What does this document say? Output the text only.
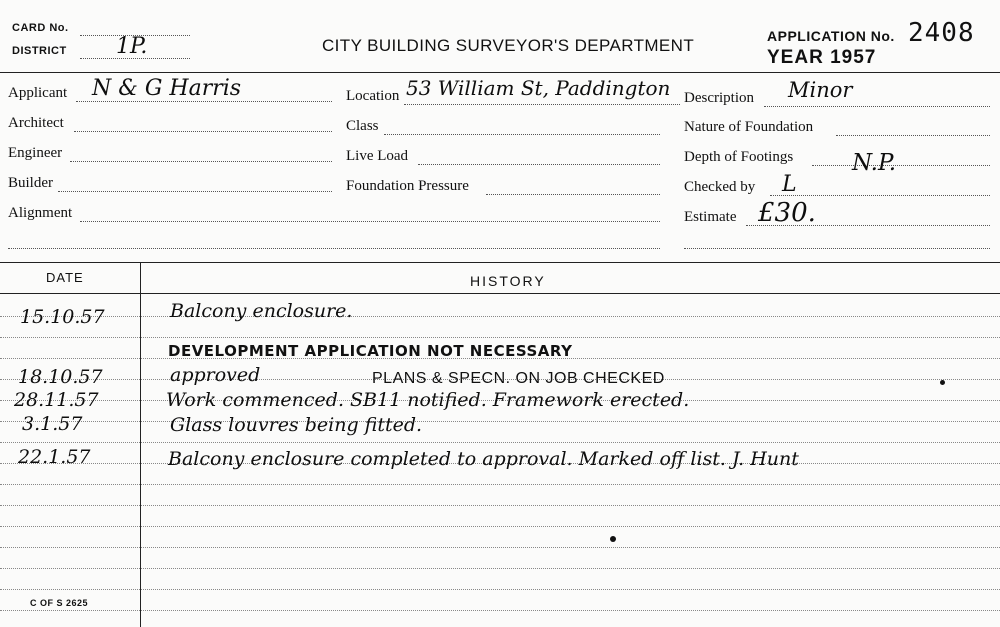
CARD No.
DISTRICT 1P.	CITY BUILDING SURVEYOR'S DEPARTMENT	APPLICATION No. 2408
YEAR 1957
Applicant N & G Harris
Architect
Engineer
Builder
Alignment
Location 53 William St, Paddington
Class
Live Load
Foundation Pressure
Description Minor
Nature of Foundation
Depth of Footings	N.P.
Checked by L
Estimate £30.
DATE	HISTORY
15.10.57	Balcony enclosure.
DEVELOPMENT APPLICATION NOT NECESSARY
18.10.57	approved	PLANS & SPECN. ON JOB CHECKED
28.11.57	Work commenced. SB11 notified. Framework erected.
3.1.57	Glass louvres being fitted.
22.1.57	Balcony enclosure completed to approval. Marked off list. J. Hunt
C OF S 2625
